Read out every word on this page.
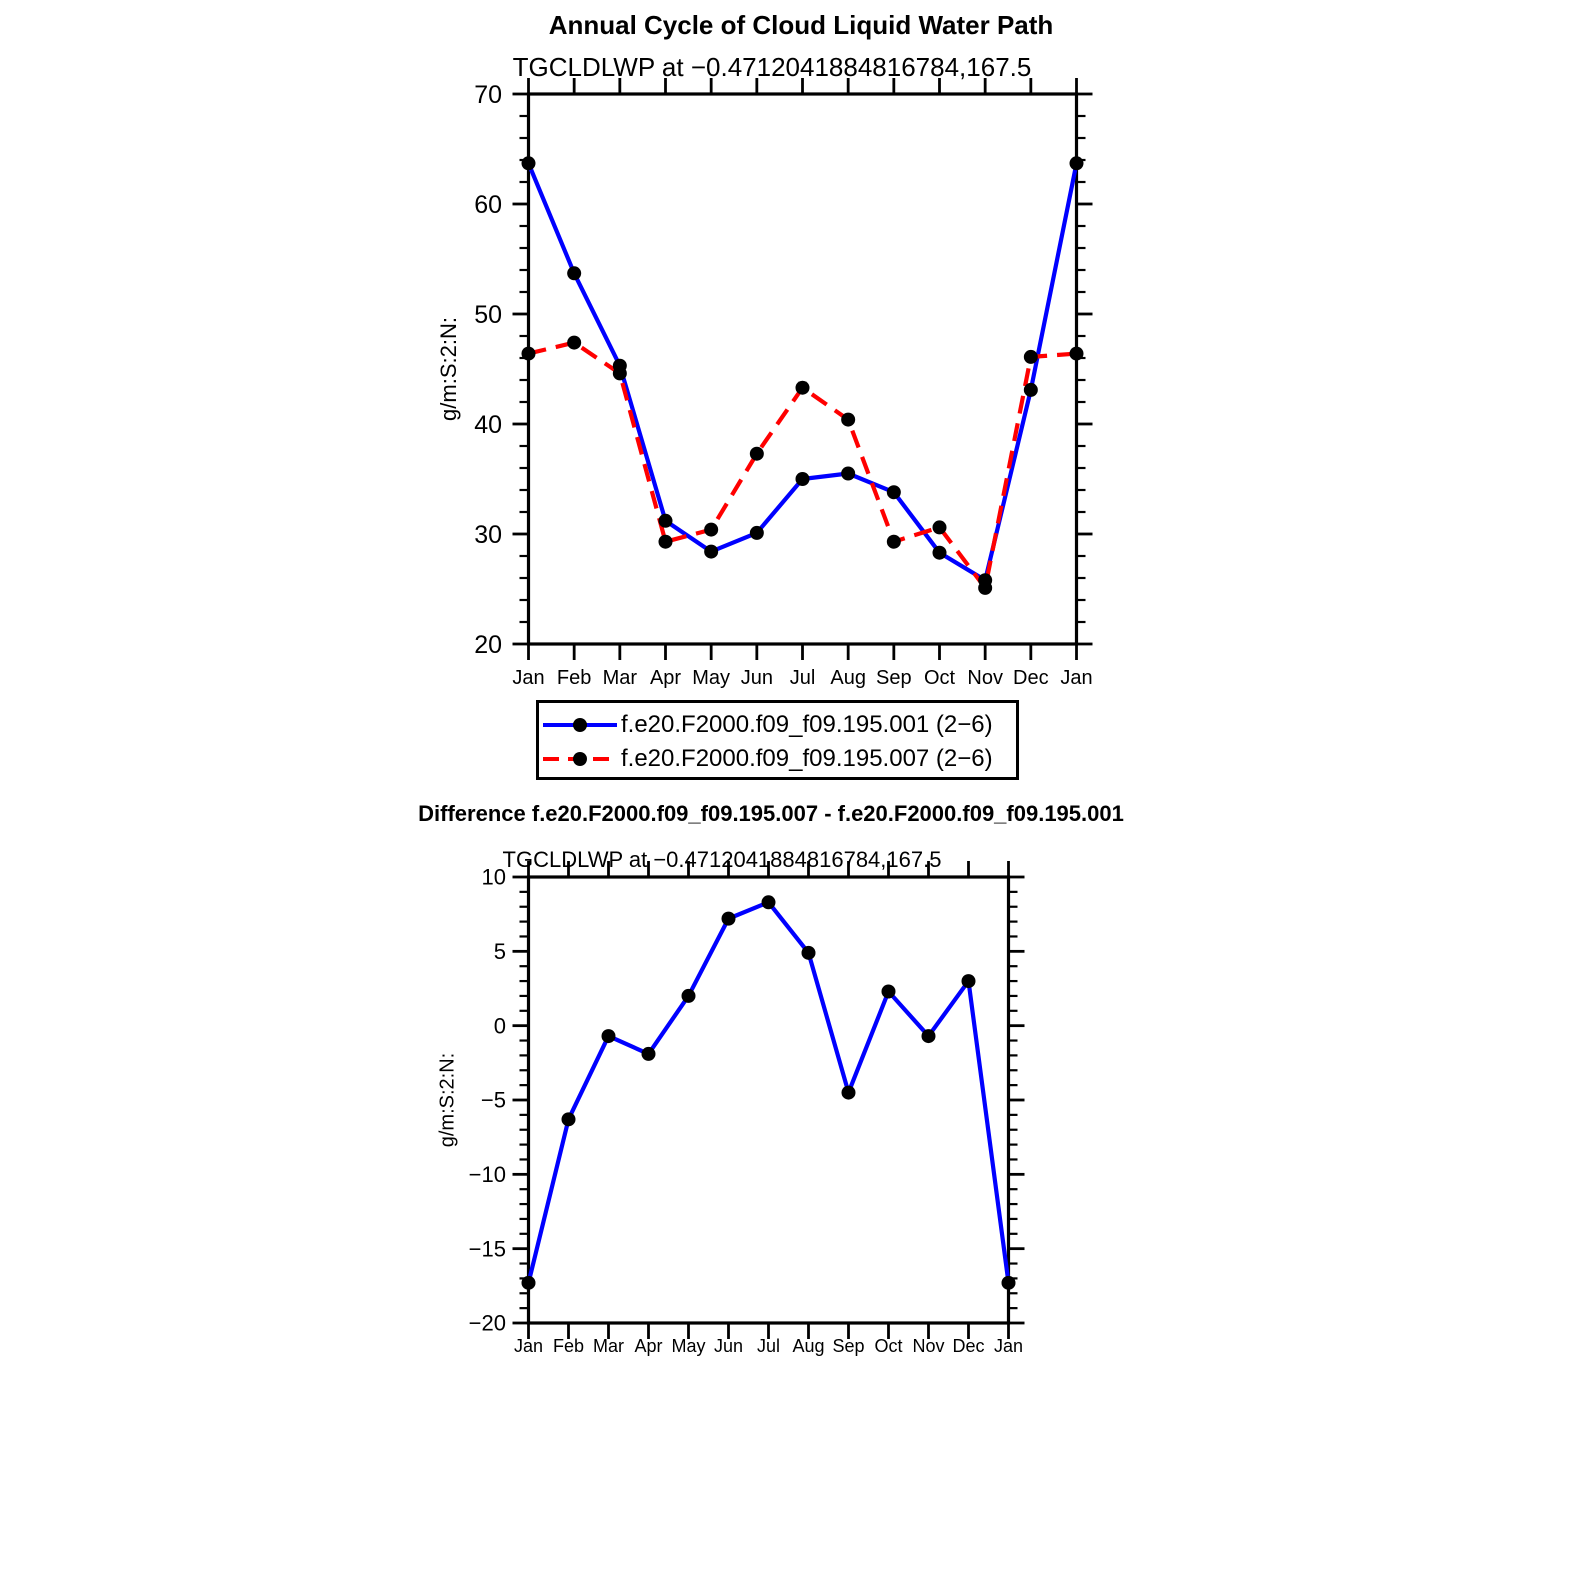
20
30
40
50
60
70
Jan Feb Mar Apr May Jun Jul Aug Sep Oct Nov Dec Jan
−20
−15
−10
−5
0
5
10
Jan Feb Mar Apr May Jun Jul Aug Sep Oct Nov Dec Jan
Annual Cycle of Cloud Liquid Water Path
TGCLDLWP at −0.4712041884816784,167.5
g/m:S:2:N:
f.e20.F2000.f09_f09.195.001 (2−6)
f.e20.F2000.f09_f09.195.007 (2−6)
Difference f.e20.F2000.f09_f09.195.007 - f.e20.F2000.f09_f09.195.001
TGCLDLWP at −0.4712041884816784,167.5
g/m:S:2:N:
